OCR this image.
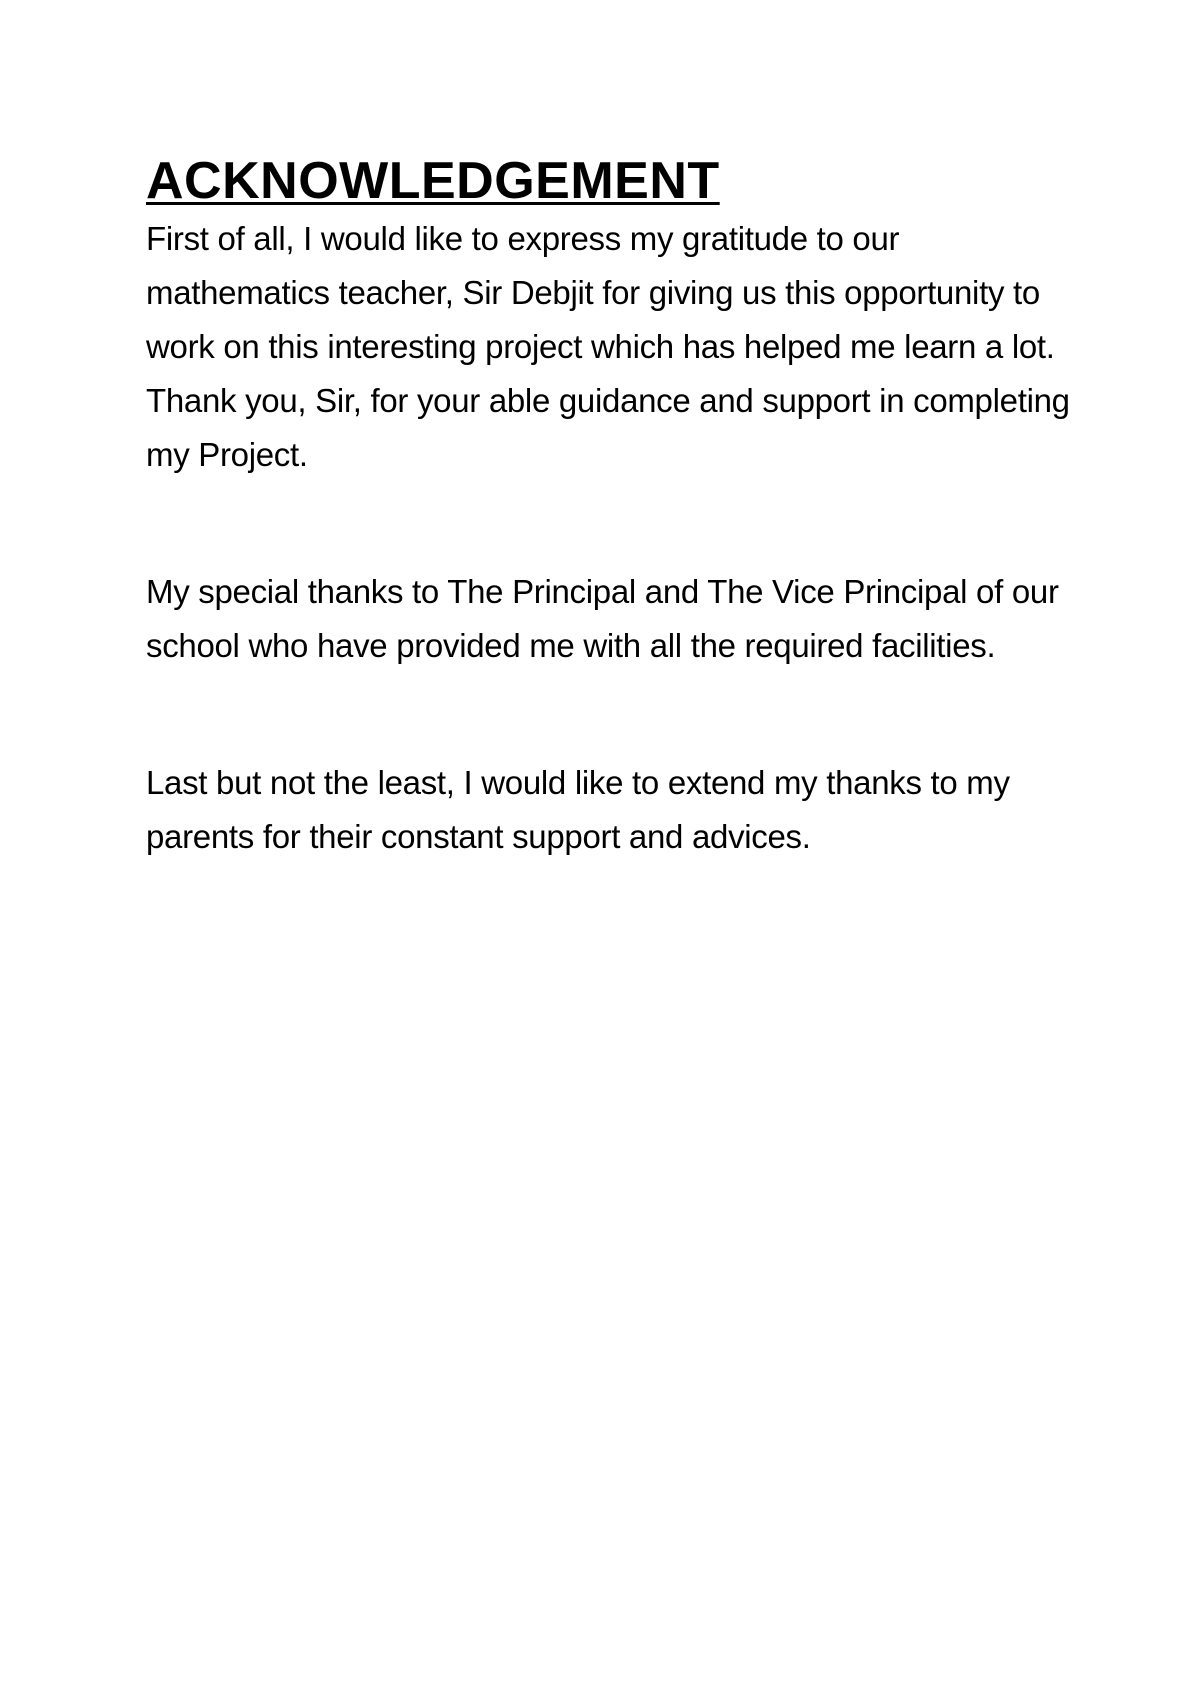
ACKNOWLEDGEMENT

First of all, I would like to express my gratitude to our mathematics teacher, Sir Debjit for giving us this opportunity to work on this interesting project which has helped me learn a lot. Thank you, Sir, for your able guidance and support in completing my Project.

My special thanks to The Principal and The Vice Principal of our school who have provided me with all the required facilities.

Last but not the least, I would like to extend my thanks to my parents for their constant support and advices.
